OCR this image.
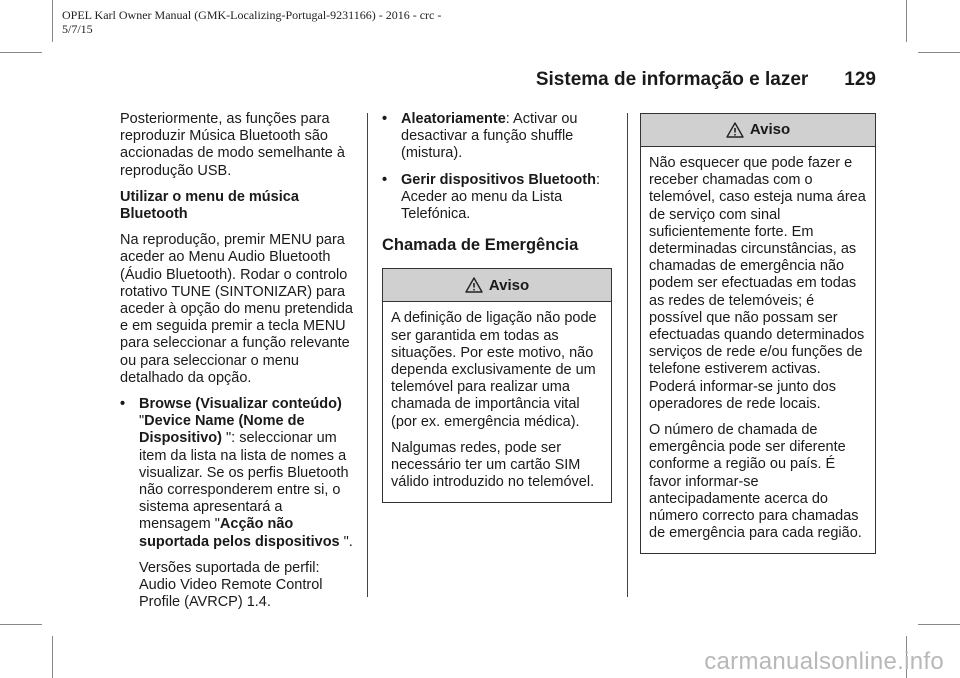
OPEL Karl Owner Manual (GMK-Localizing-Portugal-9231166) - 2016 - crc -
5/7/15
Sistema de informação e lazer 129

Posteriormente, as funções para reproduzir Música Bluetooth são accionadas de modo semelhante à reprodução USB.

Utilizar o menu de música Bluetooth

Na reprodução, premir MENU para aceder ao Menu Audio Bluetooth (Áudio Bluetooth). Rodar o controlo rotativo TUNE (SINTONIZAR) para aceder à opção do menu pretendida e em seguida premir a tecla MENU para seleccionar a função relevante ou para seleccionar o menu detalhado da opção.

• Browse (Visualizar conteúdo)
"Device Name (Nome de Dispositivo) ": seleccionar um item da lista na lista de nomes a visualizar. Se os perfis Bluetooth não corresponderem entre si, o sistema apresentará a mensagem "Acção não suportada pelos dispositivos ".

Versões suportada de perfil: Audio Video Remote Control Profile (AVRCP) 1.4.

• Aleatoriamente: Activar ou desactivar a função shuffle (mistura).
• Gerir dispositivos Bluetooth: Aceder ao menu da Lista Telefónica.
Chamada de Emergência
Aviso

A definição de ligação não pode ser garantida em todas as situações. Por este motivo, não dependa exclusivamente de um telemóvel para realizar uma chamada de importância vital (por ex. emergência médica).

Nalgumas redes, pode ser necessário ter um cartão SIM válido introduzido no telemóvel.

Aviso

Não esquecer que pode fazer e receber chamadas com o telemóvel, caso esteja numa área de serviço com sinal suficientemente forte. Em determinadas circunstâncias, as chamadas de emergência não podem ser efectuadas em todas as redes de telemóveis; é possível que não possam ser efectuadas quando determinados serviços de rede e/ou funções de telefone estiverem activas. Poderá informar-se junto dos operadores de rede locais.

O número de chamada de emergência pode ser diferente conforme a região ou país. É favor informar-se antecipadamente acerca do número correcto para chamadas de emergência para cada região.

carmanualsonline.info
